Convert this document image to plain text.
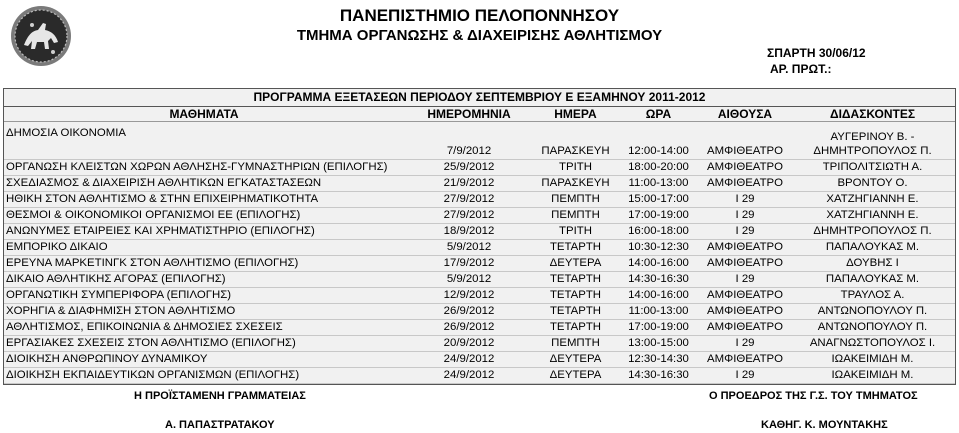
ΠΑΝΕΠΙΣΤΗΜΙΟ ΠΕΛΟΠΟΝΝΗΣΟΥ
ΤΜΗΜΑ ΟΡΓΑΝΩΣΗΣ & ΔΙΑΧΕΙΡΙΣΗΣ ΑΘΛΗΤΙΣΜΟΥ
ΣΠΑΡΤΗ 30/06/12
ΑΡ. ΠΡΩΤ.:
ΠΡΟΓΡΑΜΜΑ ΕΞΕΤΑΣΕΩΝ ΠΕΡΙΟΔΟΥ ΣΕΠΤΕΜΒΡΙΟΥ Ε ΕΞΑΜΗΝΟΥ 2011-2012
ΜΑΘΗΜΑΤΑ	ΗΜΕΡΟΜΗΝΙΑ	ΗΜΕΡΑ	ΩΡΑ	ΑΙΘΟΥΣΑ	ΔΙΔΑΣΚΟΝΤΕΣ
ΔΗΜΟΣΙΑ ΟΙΚΟΝΟΜΙΑ	7/9/2012	ΠΑΡΑΣΚΕΥΗ	12:00-14:00	ΑΜΦΙΘΕΑΤΡΟ	ΑΥΓΕΡΙΝΟΥ Β. -
ΔΗΜΗΤΡΟΠΟΥΛΟΣ Π.

ΟΡΓΑΝΩΣΗ ΚΛΕΙΣΤΩΝ ΧΩΡΩΝ ΑΘΛΗΣΗΣ-ΓΥΜΝΑΣΤΗΡΙΩΝ (ΕΠΙΛΟΓΗΣ)	25/9/2012	ΤΡΙΤΗ	18:00-20:00	ΑΜΦΙΘΕΑΤΡΟ	ΤΡΙΠΟΛΙΤΣΙΩΤΗ Α.
ΣΧΕΔΙΑΣΜΟΣ & ΔΙΑΧΕΙΡΙΣΗ ΑΘΛΗΤΙΚΩΝ ΕΓΚΑΤΑΣΤΑΣΕΩΝ	21/9/2012	ΠΑΡΑΣΚΕΥΗ	11:00-13:00	ΑΜΦΙΘΕΑΤΡΟ	ΒΡΟΝΤΟΥ Ο.
ΗΘΙΚΗ ΣΤΟΝ ΑΘΛΗΤΙΣΜΟ & ΣΤΗΝ ΕΠΙΧΕΙΡΗΜΑΤΙΚΟΤΗΤΑ	27/9/2012	ΠΕΜΠΤΗ	15:00-17:00	Ι 29	ΧΑΤΖΗΓΙΑΝΝΗ Ε.
ΘΕΣΜΟΙ & ΟΙΚΟΝΟΜΙΚΟΙ ΟΡΓΑΝΙΣΜΟΙ ΕΕ (ΕΠΙΛΟΓΗΣ)	27/9/2012	ΠΕΜΠΤΗ	17:00-19:00	Ι 29	ΧΑΤΖΗΓΙΑΝΝΗ Ε.
ΑΝΩΝΥΜΕΣ ΕΤΑΙΡΕΙΕΣ ΚΑΙ ΧΡΗΜΑΤΙΣΤΗΡΙΟ (ΕΠΙΛΟΓΗΣ)	18/9/2012	ΤΡΙΤΗ	16:00-18:00	Ι 29	ΔΗΜΗΤΡΟΠΟΥΛΟΣ Π.
ΕΜΠΟΡΙΚΟ ΔΙΚΑΙΟ	5/9/2012	ΤΕΤΑΡΤΗ	10:30-12:30	ΑΜΦΙΘΕΑΤΡΟ	ΠΑΠΑΛΟΥΚΑΣ Μ.
ΕΡΕΥΝΑ ΜΑΡΚΕΤΙΝΓΚ ΣΤΟΝ ΑΘΛΗΤΙΣΜΟ (ΕΠΙΛΟΓΗΣ)	17/9/2012	ΔΕΥΤΕΡΑ	14:00-16:00	ΑΜΦΙΘΕΑΤΡΟ	ΔΟΥΒΗΣ Ι
ΔΙΚΑΙΟ ΑΘΛΗΤΙΚΗΣ ΑΓΟΡΑΣ (ΕΠΙΛΟΓΗΣ)	5/9/2012	ΤΕΤΑΡΤΗ	14:30-16:30	Ι 29	ΠΑΠΑΛΟΥΚΑΣ Μ.
ΟΡΓΑΝΩΤΙΚΗ ΣΥΜΠΕΡΙΦΟΡΑ (ΕΠΙΛΟΓΗΣ)	12/9/2012	ΤΕΤΑΡΤΗ	14:00-16:00	ΑΜΦΙΘΕΑΤΡΟ	ΤΡΑΥΛΟΣ Α.
ΧΟΡΗΓΙΑ & ΔΙΑΦΗΜΙΣΗ ΣΤΟΝ ΑΘΛΗΤΙΣΜΟ	26/9/2012	ΤΕΤΑΡΤΗ	11:00-13:00	ΑΜΦΙΘΕΑΤΡΟ	ΑΝΤΩΝΟΠΟΥΛΟΥ Π.
ΑΘΛΗΤΙΣΜΟΣ, ΕΠΙΚΟΙΝΩΝΙΑ & ΔΗΜΟΣΙΕΣ ΣΧΕΣΕΙΣ	26/9/2012	ΤΕΤΑΡΤΗ	17:00-19:00	ΑΜΦΙΘΕΑΤΡΟ	ΑΝΤΩΝΟΠΟΥΛΟΥ Π.
ΕΡΓΑΣΙΑΚΕΣ ΣΧΕΣΕΙΣ ΣΤΟΝ ΑΘΛΗΤΙΣΜΟ (ΕΠΙΛΟΓΗΣ)	20/9/2012	ΠΕΜΠΤΗ	13:00-15:00	Ι 29	ΑΝΑΓΝΩΣΤΟΠΟΥΛΟΣ Ι.
ΔΙΟΙΚΗΣΗ ΑΝΘΡΩΠΙΝΟΥ ΔΥΝΑΜΙΚΟΥ	24/9/2012	ΔΕΥΤΕΡΑ	12:30-14:30	ΑΜΦΙΘΕΑΤΡΟ	ΙΩΑΚΕΙΜΙΔΗ Μ.
ΔΙΟΙΚΗΣΗ ΕΚΠΑΙΔΕΥΤΙΚΩΝ ΟΡΓΑΝΙΣΜΩΝ (ΕΠΙΛΟΓΗΣ)	24/9/2012	ΔΕΥΤΕΡΑ	14:30-16:30	Ι 29	ΙΩΑΚΕΙΜΙΔΗ Μ.
Η ΠΡΟΪΣΤΑΜΕΝΗ ΓΡΑΜΜΑΤΕΙΑΣ	Ο ΠΡΟΕΔΡΟΣ ΤΗΣ Γ.Σ. ΤΟΥ ΤΜΗΜΑΤΟΣ
Α. ΠΑΠΑΣΤΡΑΤΑΚΟΥ	ΚΑΘΗΓ. Κ. ΜΟΥΝΤΑΚΗΣ
